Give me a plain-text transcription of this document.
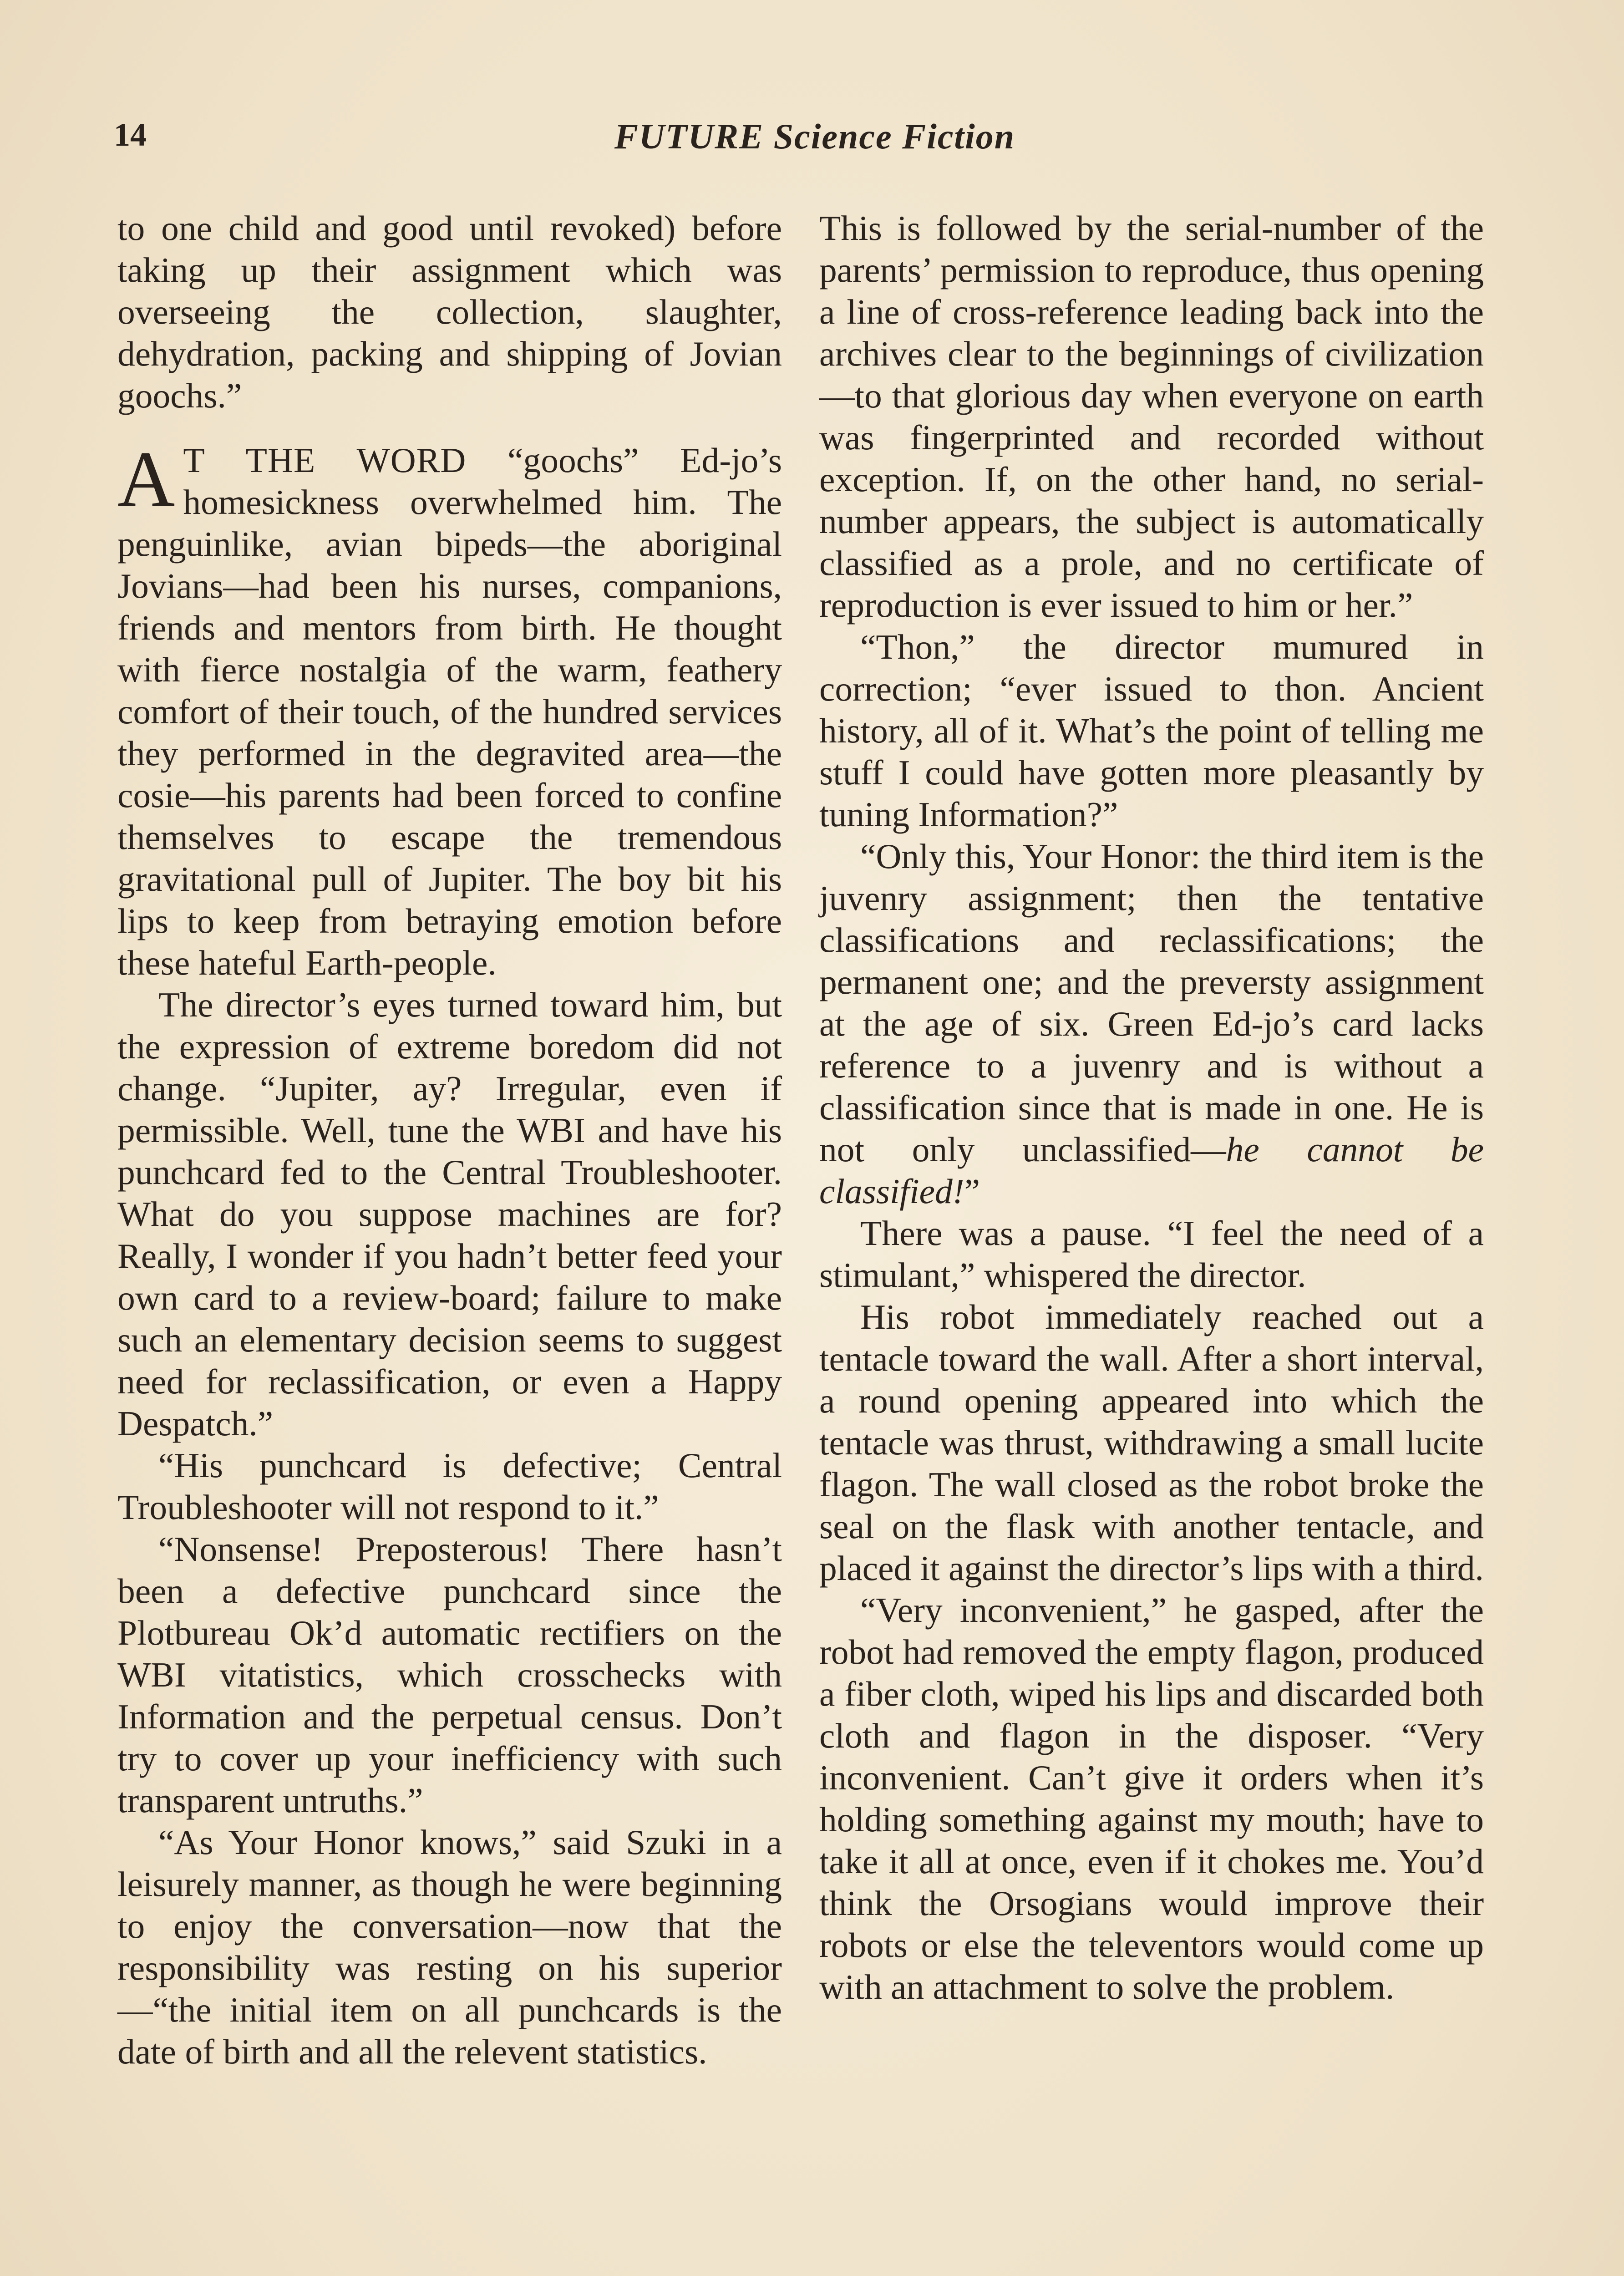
14	FUTURE Science Fiction

to one child and good until revoked) before taking up their assignment which was overseeing the collection, slaughter, dehydration, packing and shipping of Jovian goochs.”

A T THE WORD “goochs” Ed-jo’s homesickness overwhelmed him. The penguinlike, avian bipeds—the aboriginal Jovians—had been his nurses, companions, friends and mentors from birth. He thought with fierce nostalgia of the warm, feathery comfort of their touch, of the hundred services they performed in the degravited area—the cosie—his parents had been forced to confine themselves to escape the tremendous gravitational pull of Jupiter. The boy bit his lips to keep from betraying emotion before these hateful Earth-people.

The director’s eyes turned toward him, but the expression of extreme boredom did not change. “Jupiter, ay? Irregular, even if permissible. Well, tune the WBI and have his punchcard fed to the Central Troubleshooter. What do you suppose machines are for? Really, I wonder if you hadn’t better feed your own card to a review-board; failure to make such an elementary decision seems to suggest need for reclassification, or even a Happy Despatch.”

“His punchcard is defective; Central Troubleshooter will not respond to it.”

“Nonsense! Preposterous! There hasn’t been a defective punchcard since the Plotbureau Ok’d automatic rectifiers on the WBI vitatistics, which crosschecks with Information and the perpetual census. Don’t try to cover up your inefficiency with such transparent untruths.”

“As Your Honor knows,” said Szuki in a leisurely manner, as though he were beginning to enjoy the conversation—now that the responsibility was resting on his superior—“the initial item on all punchcards is the date of birth and all the relevent statistics.

This is followed by the serial-number of the parents’ permission to reproduce, thus opening a line of cross-reference leading back into the archives clear to the beginnings of civilization—to that glorious day when everyone on earth was fingerprinted and recorded without exception. If, on the other hand, no serial-number appears, the subject is automatically classified as a prole, and no certificate of reproduction is ever issued to him or her.”

“Thon,” the director mumured in correction; “ever issued to thon. Ancient history, all of it. What’s the point of telling me stuff I could have gotten more pleasantly by tuning Information?”

“Only this, Your Honor: the third item is the juvenry assignment; then the tentative classifications and reclassifications; the permanent one; and the preversty assignment at the age of six. Green Ed-jo’s card lacks reference to a juvenry and is without a classification since that is made in one. He is not only unclassified—he cannot be classified!”

There was a pause. “I feel the need of a stimulant,” whispered the director.

His robot immediately reached out a tentacle toward the wall. After a short interval, a round opening appeared into which the tentacle was thrust, withdrawing a small lucite flagon. The wall closed as the robot broke the seal on the flask with another tentacle, and placed it against the director’s lips with a third.

“Very inconvenient,” he gasped, after the robot had removed the empty flagon, produced a fiber cloth, wiped his lips and discarded both cloth and flagon in the disposer. “Very inconvenient. Can’t give it orders when it’s holding something against my mouth; have to take it all at once, even if it chokes me. You’d think the Orsogians would improve their robots or else the televentors would come up with an attachment to solve the problem.
